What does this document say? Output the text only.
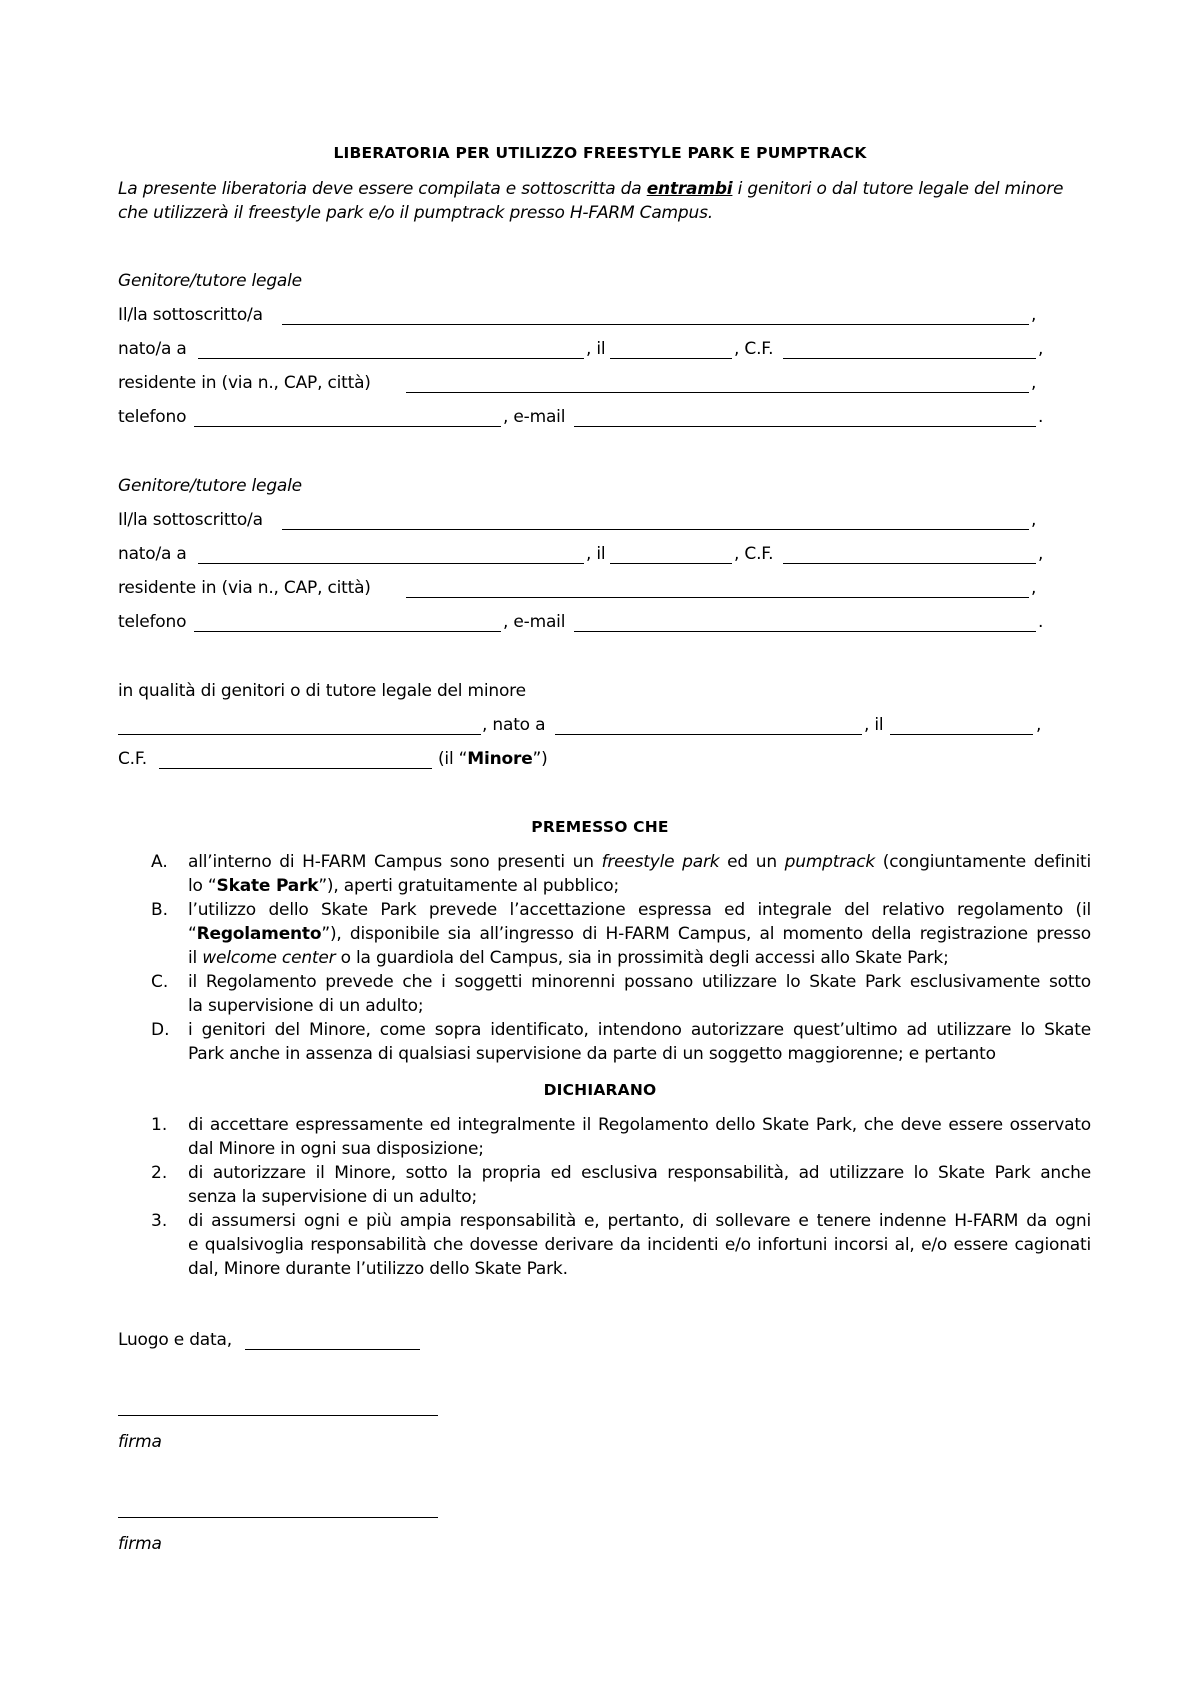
LIBERATORIA PER UTILIZZO FREESTYLE PARK E PUMPTRACK
La presente liberatoria deve essere compilata e sottoscritta da entrambi i genitori o dal tutore legale del minore
che utilizzerà il freestyle park e/o il pumptrack presso H-FARM Campus.
Genitore/tutore legale
Il/la sottoscritto/a	,
nato/a a	, il	, C.F.	,
residente in (via n., CAP, città)	,
telefono	, e-mail	.
Genitore/tutore legale
Il/la sottoscritto/a	,
nato/a a	, il	, C.F.	,
residente in (via n., CAP, città)	,
telefono	, e-mail	.
in qualità di genitori o di tutore legale del minore
, nato a	, il	,
C.F.	(il “Minore”)
PREMESSO CHE
A. all’interno di H-FARM Campus sono presenti un freestyle park ed un pumptrack (congiuntamente definiti
lo “Skate Park”), aperti gratuitamente al pubblico;
B. l’utilizzo dello Skate Park prevede l’accettazione espressa ed integrale del relativo regolamento (il
“Regolamento”), disponibile sia all’ingresso di H-FARM Campus, al momento della registrazione presso
il welcome center o la guardiola del Campus, sia in prossimità degli accessi allo Skate Park;
C. il Regolamento prevede che i soggetti minorenni possano utilizzare lo Skate Park esclusivamente sotto
la supervisione di un adulto;
D. i genitori del Minore, come sopra identificato, intendono autorizzare quest’ultimo ad utilizzare lo Skate
Park anche in assenza di qualsiasi supervisione da parte di un soggetto maggiorenne; e pertanto
DICHIARANO
1. di accettare espressamente ed integralmente il Regolamento dello Skate Park, che deve essere osservato
dal Minore in ogni sua disposizione;
2. di autorizzare il Minore, sotto la propria ed esclusiva responsabilità, ad utilizzare lo Skate Park anche
senza la supervisione di un adulto;
3. di assumersi ogni e più ampia responsabilità e, pertanto, di sollevare e tenere indenne H-FARM da ogni
e qualsivoglia responsabilità che dovesse derivare da incidenti e/o infortuni incorsi al, e/o essere cagionati
dal, Minore durante l’utilizzo dello Skate Park.
Luogo e data,
firma
firma
